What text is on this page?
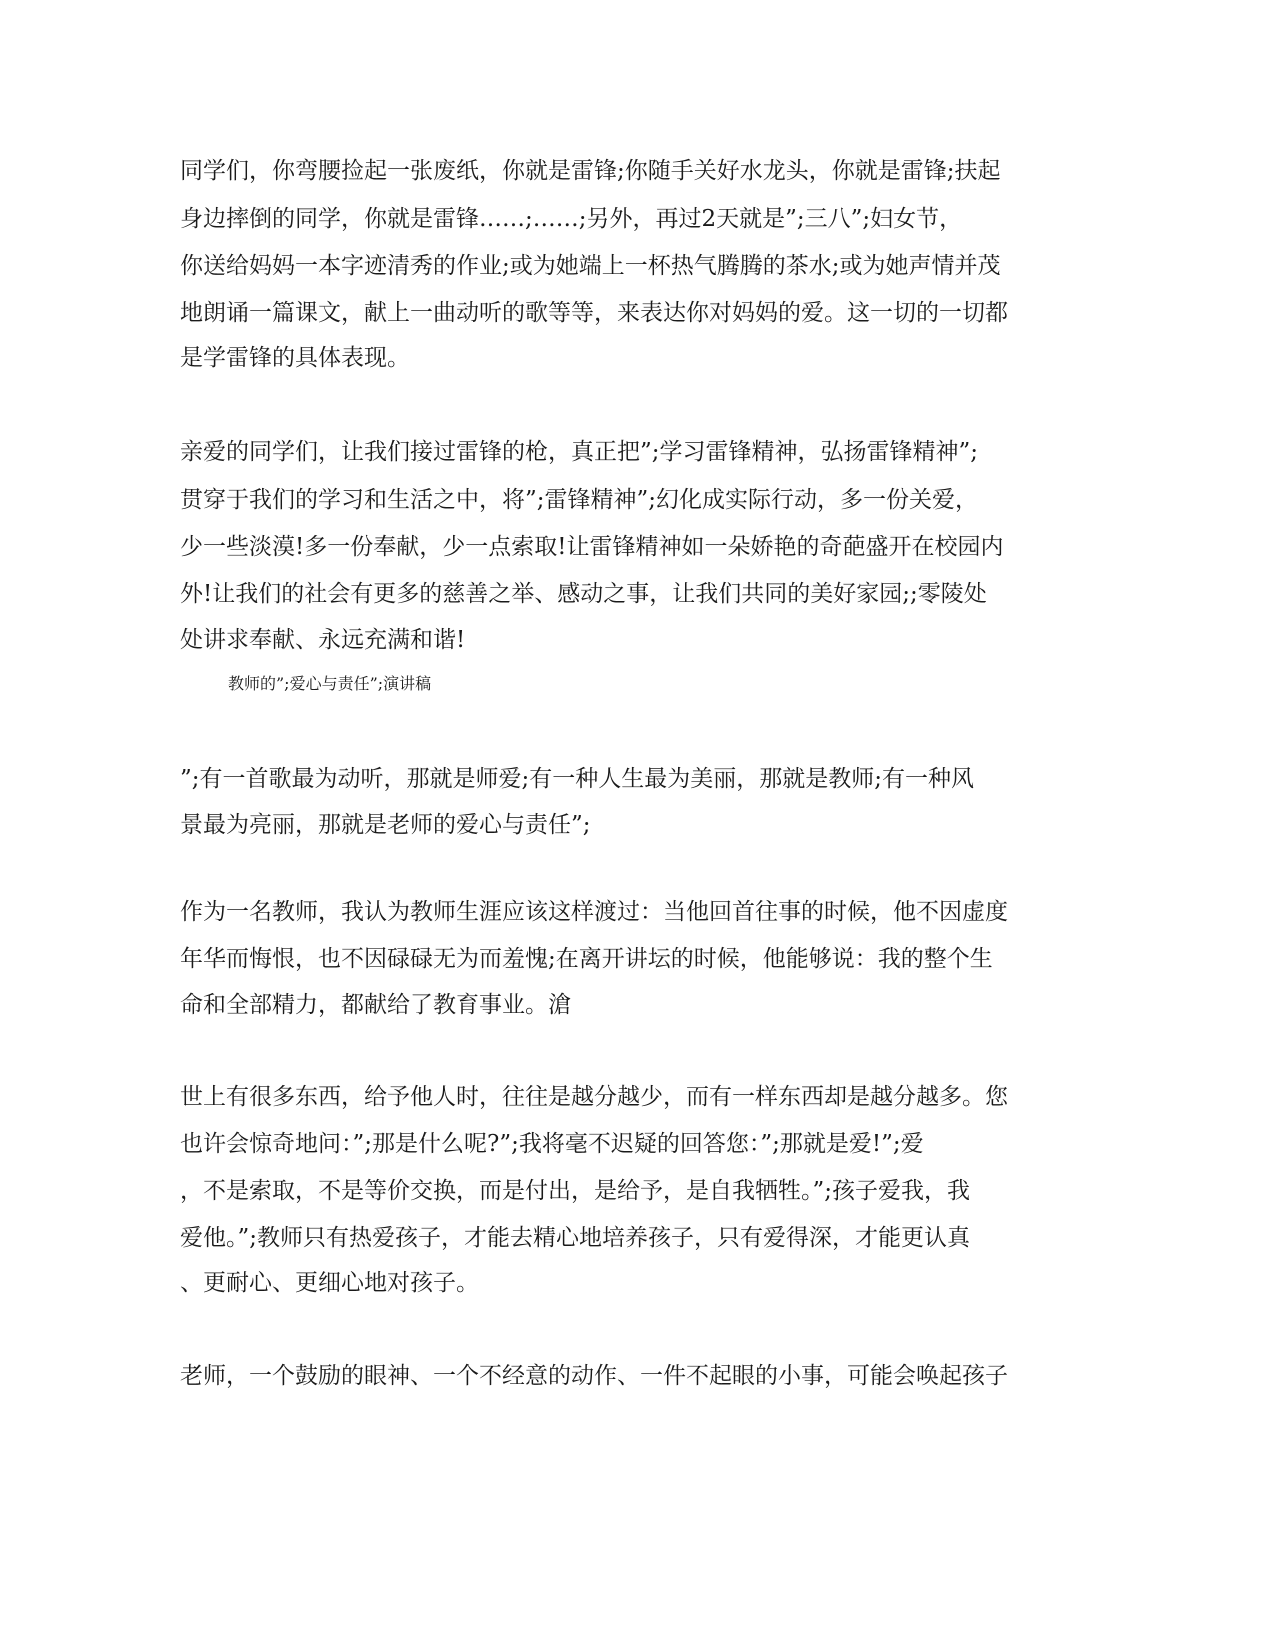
同学们，你弯腰捡起一张废纸，你就是雷锋;你随手关好水龙头，你就是雷锋;扶起

身边摔倒的同学，你就是雷锋……;……;另外，再过2天就是”;三八”;妇女节，

你送给妈妈一本字迹清秀的作业;或为她端上一杯热气腾腾的茶水;或为她声情并茂

地朗诵一篇课文，献上一曲动听的歌等等，来表达你对妈妈的爱。这一切的一切都

是学雷锋的具体表现。

亲爱的同学们，让我们接过雷锋的枪，真正把”;学习雷锋精神，弘扬雷锋精神”;

贯穿于我们的学习和生活之中，将”;雷锋精神”;幻化成实际行动，多一份关爱，

少一些淡漠!多一份奉献，少一点索取!让雷锋精神如一朵娇艳的奇葩盛开在校园内

外!让我们的社会有更多的慈善之举、感动之事，让我们共同的美好家园;;零陵处

处讲求奉献、永远充满和谐!

教师的”;爱心与责任”;演讲稿

”;有一首歌最为动听，那就是师爱;有一种人生最为美丽，那就是教师;有一种风

景最为亮丽，那就是老师的爱心与责任”;

作为一名教师，我认为教师生涯应该这样渡过：当他回首往事的时候，他不因虚度

年华而悔恨，也不因碌碌无为而羞愧;在离开讲坛的时候，他能够说：我的整个生

命和全部精力，都献给了教育事业。滄

世上有很多东西，给予他人时，往往是越分越少，而有一样东西却是越分越多。您

也许会惊奇地问：”;那是什么呢?”;我将毫不迟疑的回答您：”;那就是爱!”;爱

，不是索取，不是等价交换，而是付出，是给予，是自我牺牲。”;孩子爱我，我

爱他。”;教师只有热爱孩子，才能去精心地培养孩子，只有爱得深，才能更认真

、更耐心、更细心地对孩子。

老师，一个鼓励的眼神、一个不经意的动作、一件不起眼的小事，可能会唤起孩子
